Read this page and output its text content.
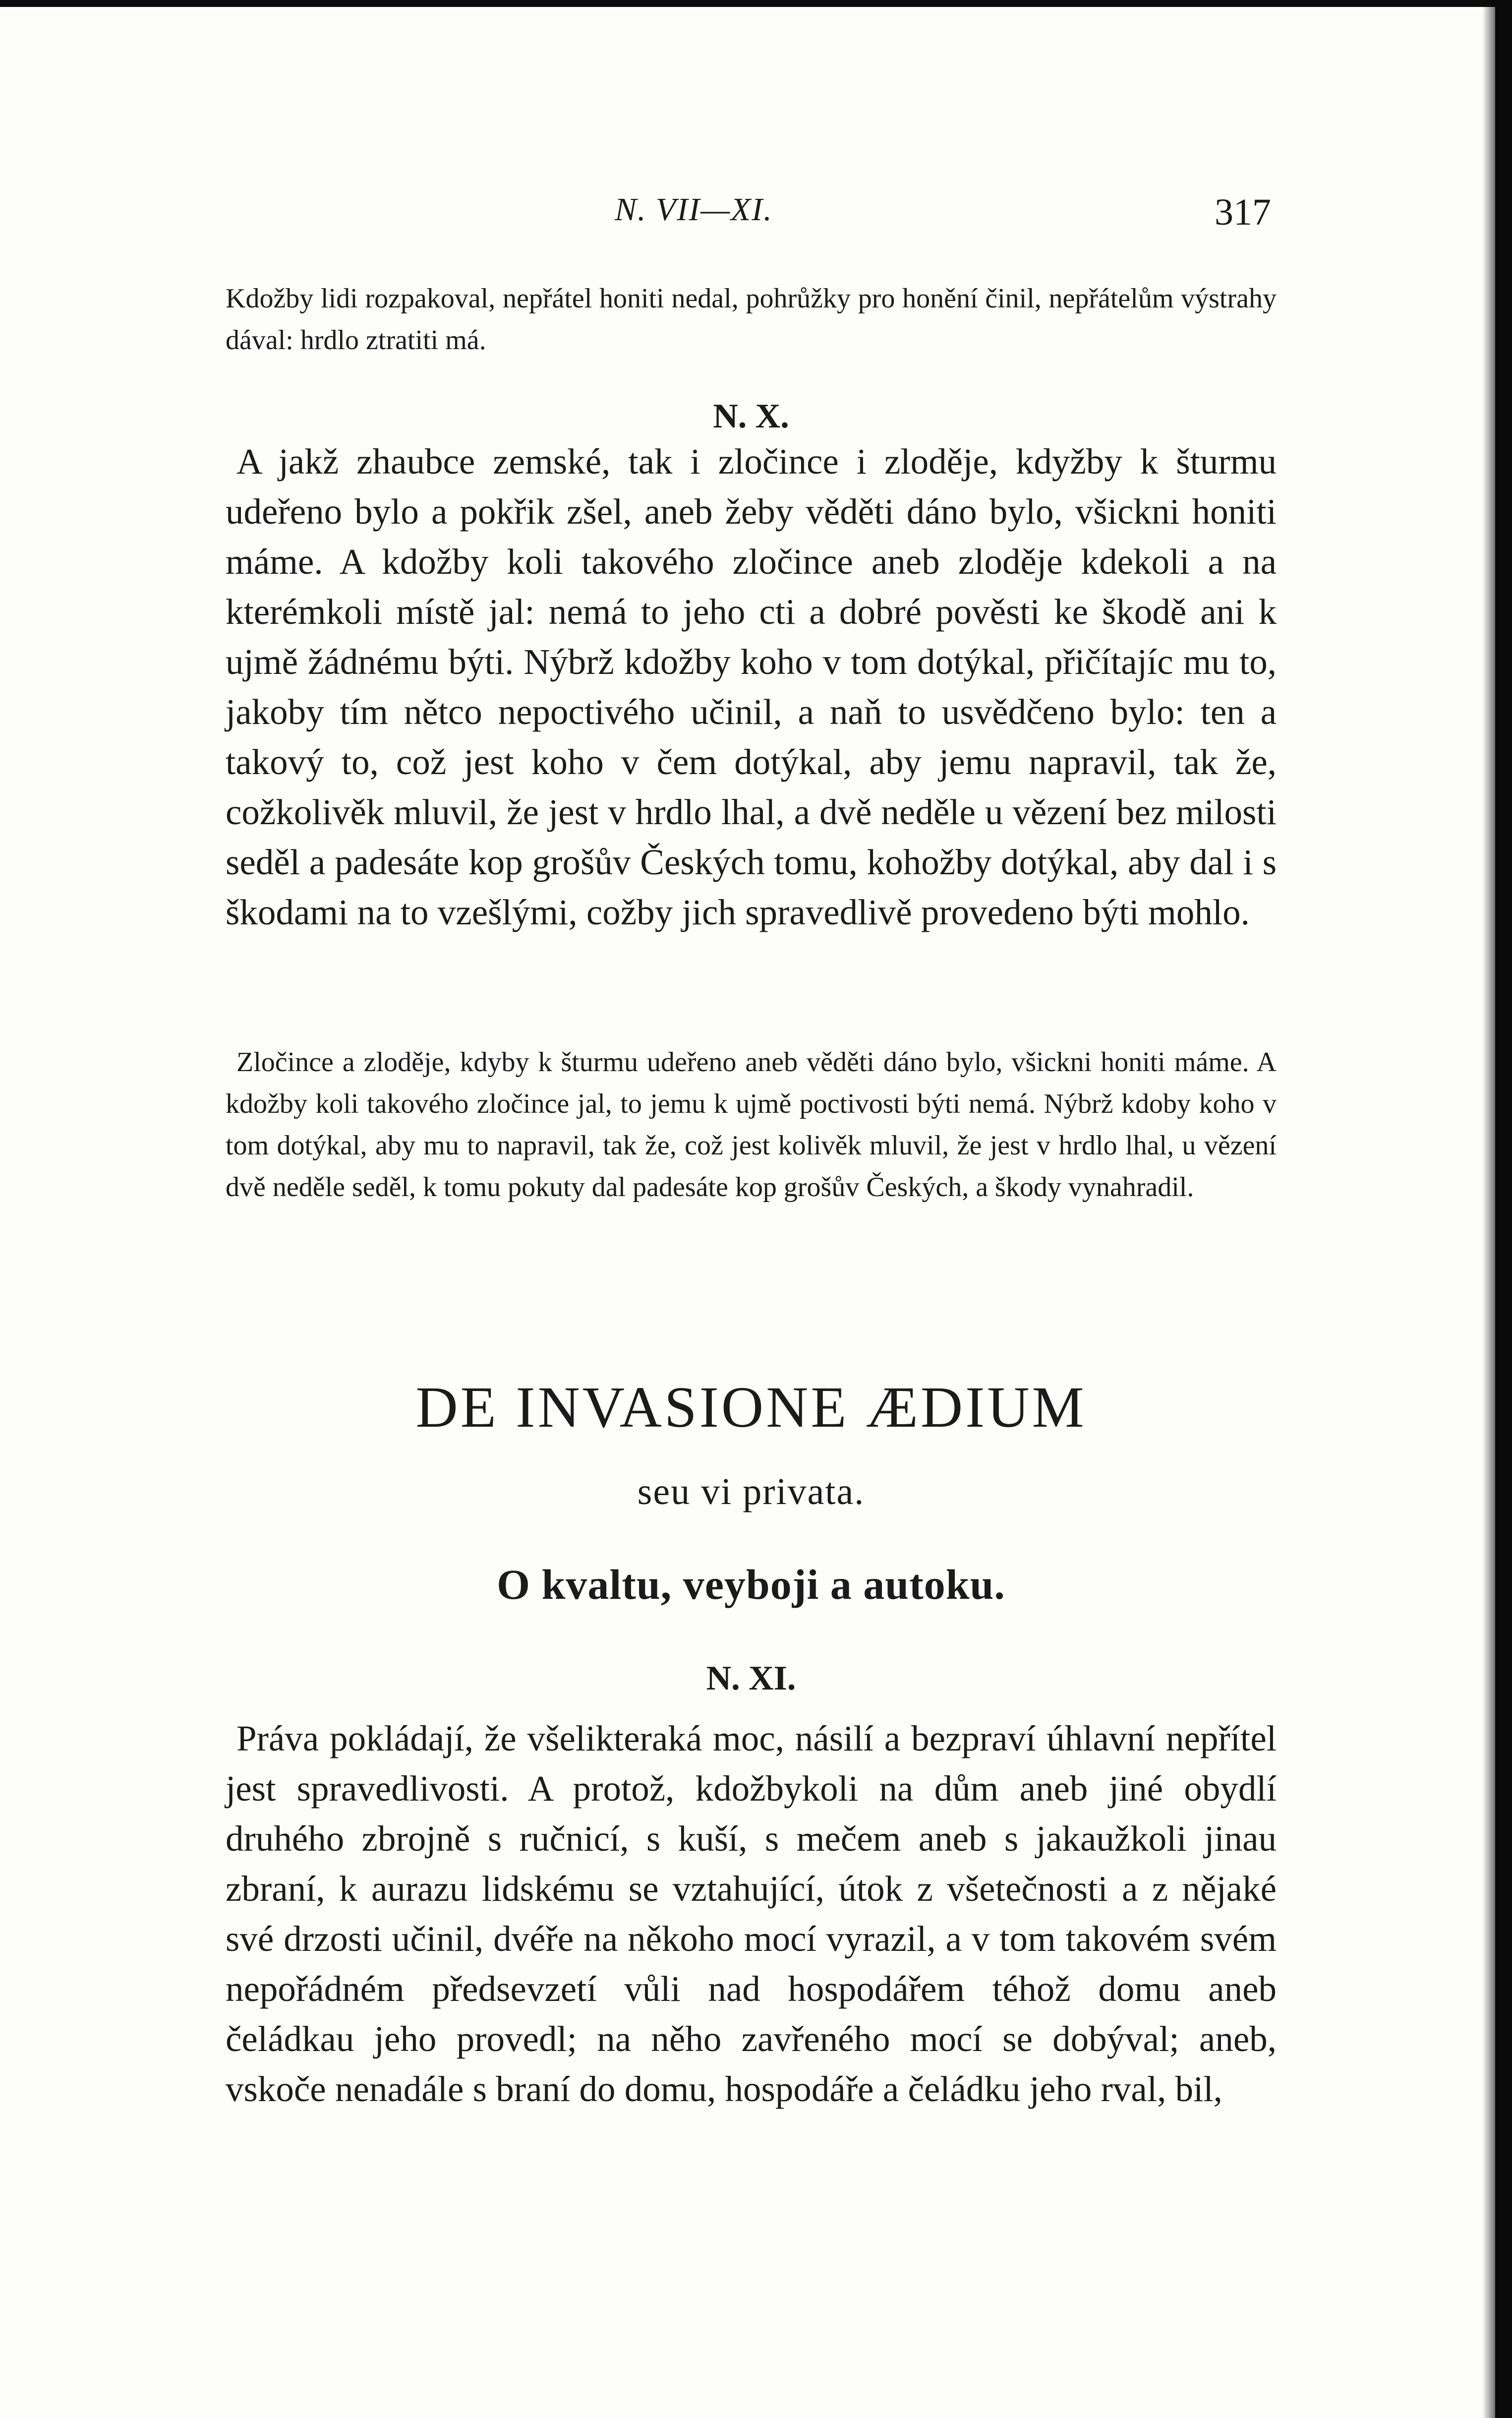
N. VII—XI.	317

Kdožby lidi rozpakoval, nepřátel honiti nedal, pohrůžky pro honění činil, nepřátelům výstrahy dával: hrdlo ztratiti má.

N. X.

A jakž zhaubce zemské, tak i zločince i zloděje, kdyžby k šturmu udeřeno bylo a pokřik zšel, aneb žeby věděti dáno bylo, všickni honiti máme. A kdožby koli takového zločince aneb zloděje kdekoli a na kterémkoli místě jal: nemá to jeho cti a dobré pověsti ke škodě ani k ujmě žádnému býti. Nýbrž kdožby koho v tom dotýkal, přičítajíc mu to, jakoby tím nětco nepoctivého učinil, a naň to usvědčeno bylo: ten a takový to, což jest koho v čem dotýkal, aby jemu napravil, tak že, cožkolivěk mluvil, že jest v hrdlo lhal, a dvě neděle u vězení bez milosti seděl a padesáte kop grošův Českých tomu, kohožby dotýkal, aby dal i s škodami na to vzešlými, cožby jich spravedlivě provedeno býti mohlo.

Zločince a zloděje, kdyby k šturmu udeřeno aneb věděti dáno bylo, všickni honiti máme. A kdožby koli takového zločince jal, to jemu k ujmě poctivosti býti nemá. Nýbrž kdoby koho v tom dotýkal, aby mu to napravil, tak že, což jest kolivěk mluvil, že jest v hrdlo lhal, u vězení dvě neděle seděl, k tomu pokuty dal padesáte kop grošův Českých, a škody vynahradil.

DE INVASIONE ÆDIUM
seu vi privata.
O kvaltu, veyboji a autoku.
N. XI.

Práva pokládají, že všelikteraká moc, násilí a bezpraví úhlavní nepřítel jest spravedlivosti. A protož, kdožbykoli na dům aneb jiné obydlí druhého zbrojně s ručnicí, s kuší, s mečem aneb s jakaužkoli jinau zbraní, k aurazu lidskému se vztahující, útok z všetečnosti a z nějaké své drzosti učinil, dvéře na někoho mocí vyrazil, a v tom takovém svém nepořádném předsevzetí vůli nad hospodářem téhož domu aneb čeládkau jeho provedl; na něho zavřeného mocí se dobýval; aneb, vskoče nenadále s braní do domu, hospodáře a čeládku jeho rval, bil,
